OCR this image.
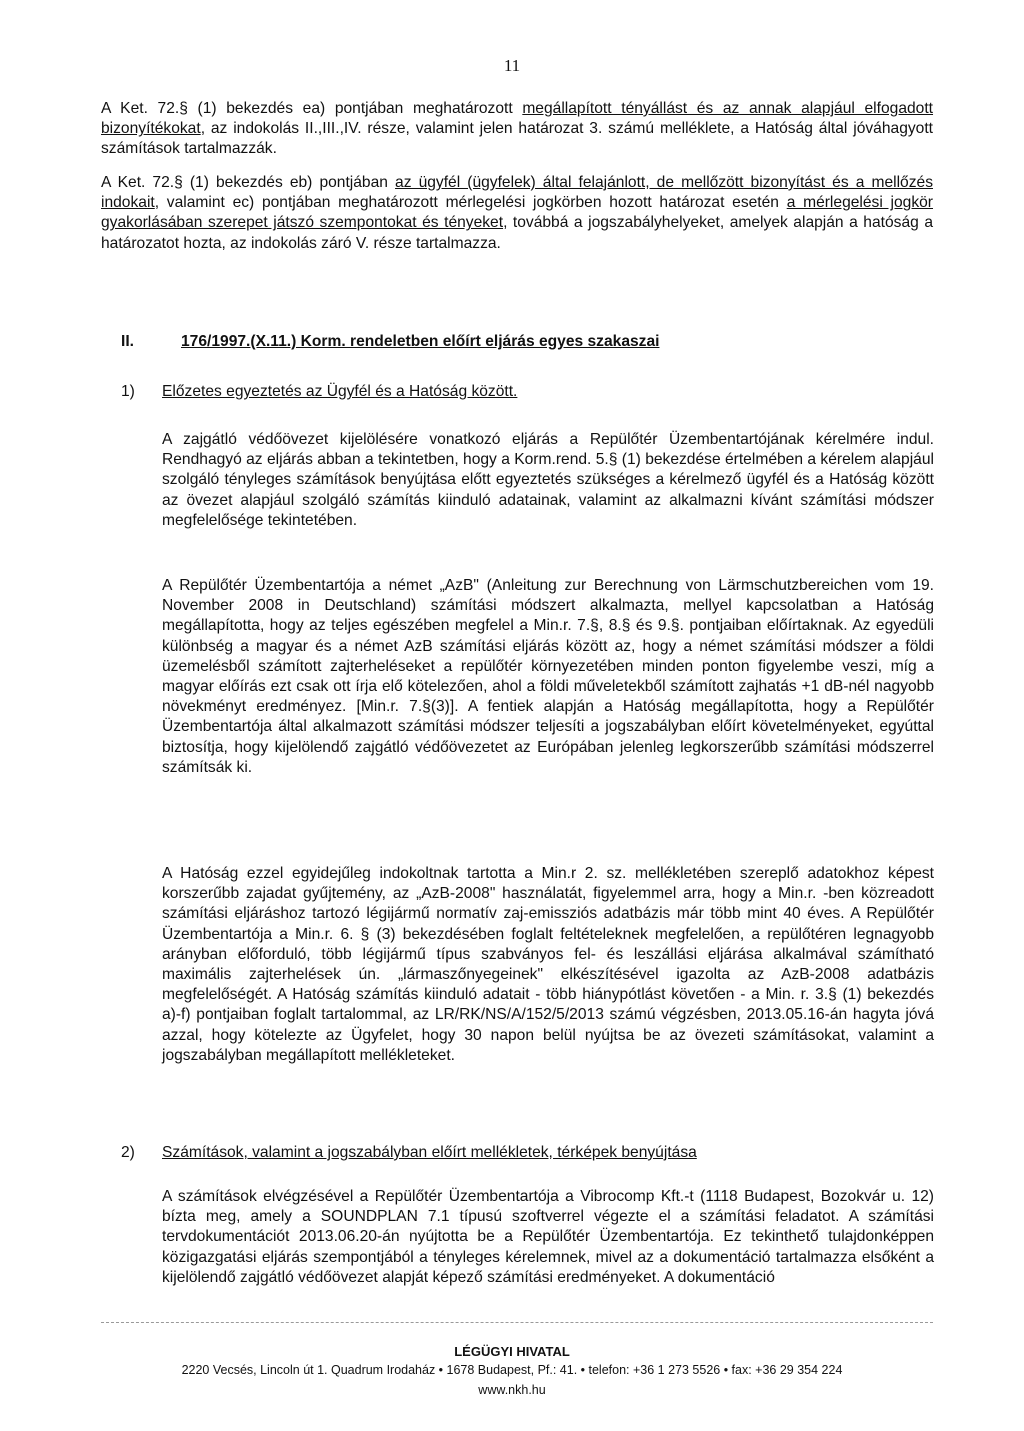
11

A Ket. 72.§ (1) bekezdés ea) pontjában meghatározott megállapított tényállást és az annak alapjául elfogadott bizonyítékokat, az indokolás II.,III.,IV. része, valamint jelen határozat 3. számú melléklete, a Hatóság által jóváhagyott számítások tartalmazzák.

A Ket. 72.§ (1) bekezdés eb) pontjában az ügyfél (ügyfelek) által felajánlott, de mellőzött bizonyítást és a mellőzés indokait, valamint ec) pontjában meghatározott mérlegelési jogkörben hozott határozat esetén a mérlegelési jogkör gyakorlásában szerepet játszó szempontokat és tényeket, továbbá a jogszabályhelyeket, amelyek alapján a hatóság a határozatot hozta, az indokolás záró V. része tartalmazza.

II.	176/1997.(X.11.) Korm. rendeletben előírt eljárás egyes szakaszai
1) Előzetes egyeztetés az Ügyfél és a Hatóság között.

A zajgátló védőövezet kijelölésére vonatkozó eljárás a Repülőtér Üzembentartójának kérelmére indul. Rendhagyó az eljárás abban a tekintetben, hogy a Korm.rend. 5.§ (1) bekezdése értelmében a kérelem alapjául szolgáló tényleges számítások benyújtása előtt egyeztetés szükséges a kérelmező ügyfél és a Hatóság között az övezet alapjául szolgáló számítás kiinduló adatainak, valamint az alkalmazni kívánt számítási módszer megfelelősége tekintetében.

A Repülőtér Üzembentartója a német „AzB" (Anleitung zur Berechnung von Lärmschutzbereichen vom 19. November 2008 in Deutschland) számítási módszert alkalmazta, mellyel kapcsolatban a Hatóság megállapította, hogy az teljes egészében megfelel a Min.r. 7.§, 8.§ és 9.§. pontjaiban előírtaknak. Az egyedüli különbség a magyar és a német AzB számítási eljárás között az, hogy a német számítási módszer a földi üzemelésből számított zajterheléseket a repülőtér környezetében minden ponton figyelembe veszi, míg a magyar előírás ezt csak ott írja elő kötelezően, ahol a földi műveletekből számított zajhatás +1 dB-nél nagyobb növekményt eredményez. [Min.r. 7.§(3)]. A fentiek alapján a Hatóság megállapította, hogy a Repülőtér Üzembentartója által alkalmazott számítási módszer teljesíti a jogszabályban előírt követelményeket, egyúttal biztosítja, hogy kijelölendő zajgátló védőövezetet az Európában jelenleg legkorszerűbb számítási módszerrel számítsák ki.

A Hatóság ezzel egyidejűleg indokoltnak tartotta a Min.r 2. sz. mellékletében szereplő adatokhoz képest korszerűbb zajadat gyűjtemény, az „AzB-2008" használatát, figyelemmel arra, hogy a Min.r. -ben közreadott számítási eljáráshoz tartozó légijármű normatív zaj-emissziós adatbázis már több mint 40 éves. A Repülőtér Üzembentartója a Min.r. 6. § (3) bekezdésében foglalt feltételeknek megfelelően, a repülőtéren legnagyobb arányban előforduló, több légijármű típus szabványos fel- és leszállási eljárása alkalmával számítható maximális zajterhelések ún. „lármaszőnyegeinek" elkészítésével igazolta az AzB-2008 adatbázis megfelelőségét. A Hatóság számítás kiinduló adatait - több hiánypótlást követően - a Min. r. 3.§ (1) bekezdés a)-f) pontjaiban foglalt tartalommal, az LR/RK/NS/A/152/5/2013 számú végzésben, 2013.05.16-án hagyta jóvá azzal, hogy kötelezte az Ügyfelet, hogy 30 napon belül nyújtsa be az övezeti számításokat, valamint a jogszabályban megállapított mellékleteket.

2) Számítások, valamint a jogszabályban előírt mellékletek, térképek benyújtása

A számítások elvégzésével a Repülőtér Üzembentartója a Vibrocomp Kft.-t (1118 Budapest, Bozokvár u. 12) bízta meg, amely a SOUNDPLAN 7.1 típusú szoftverrel végezte el a számítási feladatot. A számítási tervdokumentációt 2013.06.20-án nyújtotta be a Repülőtér Üzembentartója. Ez tekinthető tulajdonképpen közigazgatási eljárás szempontjából a tényleges kérelemnek, mivel az a dokumentáció tartalmazza elsőként a kijelölendő zajgátló védőövezet alapját képező számítási eredményeket. A dokumentáció

LÉGÜGYI HIVATAL
2220 Vecsés, Lincoln út 1. Quadrum Irodaház • 1678 Budapest, Pf.: 41. • telefon: +36 1 273 5526 • fax: +36 29 354 224
www.nkh.hu
